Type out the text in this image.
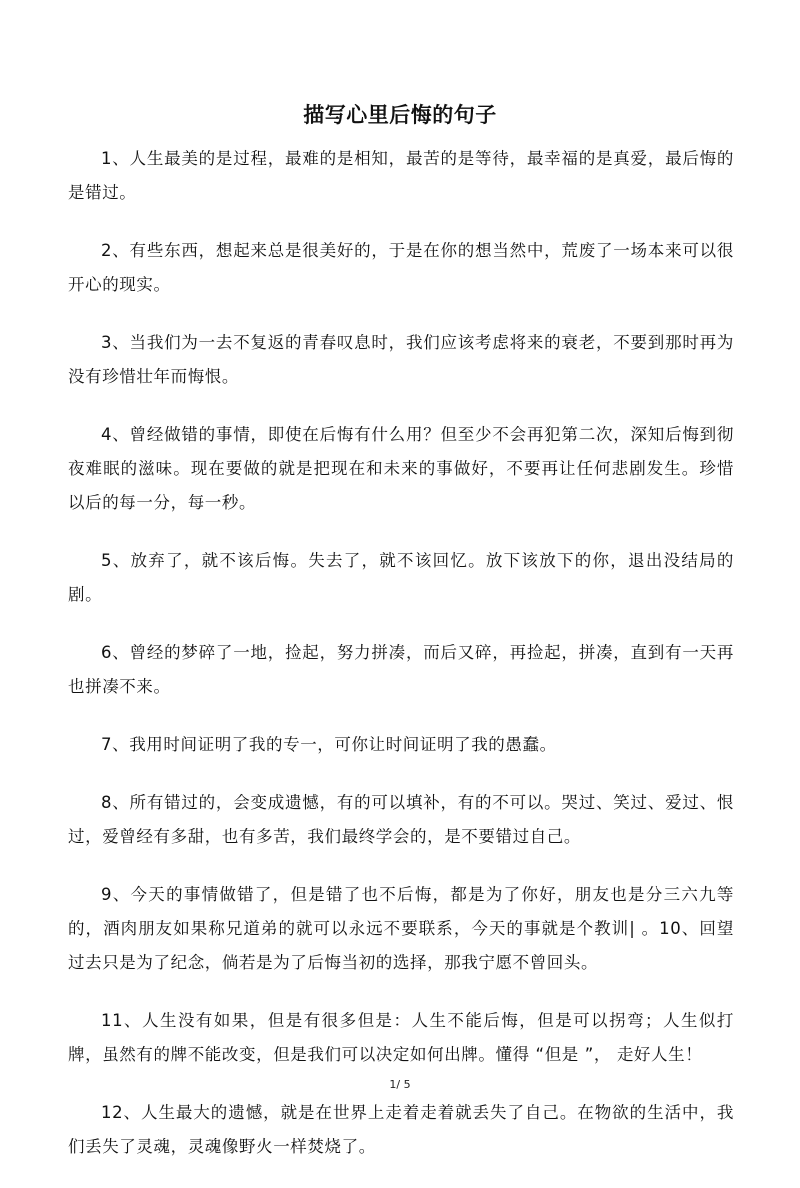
描写心里后悔的句子

1、人生最美的是过程，最难的是相知，最苦的是等待，最幸福的是真爱，最后悔的是错过。

2、有些东西，想起来总是很美好的，于是在你的想当然中，荒废了一场本来可以很开心的现实。

3、当我们为一去不复返的青春叹息时，我们应该考虑将来的衰老，不要到那时再为没有珍惜壮年而悔恨。

4、曾经做错的事情，即使在后悔有什么用？但至少不会再犯第二次，深知后悔到彻夜难眠的滋味。现在要做的就是把现在和未来的事做好，不要再让任何悲剧发生。珍惜以后的每一分，每一秒。

5、放弃了，就不该后悔。失去了，就不该回忆。放下该放下的你，退出没结局的剧。

6、曾经的梦碎了一地，捡起，努力拼凑，而后又碎，再捡起，拼凑，直到有一天再也拼凑不来。

7、我用时间证明了我的专一，可你让时间证明了我的愚蠢。

8、所有错过的，会变成遗憾，有的可以填补，有的不可以。哭过、笑过、爱过、恨过，爱曾经有多甜，也有多苦，我们最终学会的，是不要错过自己。

9、今天的事情做错了，但是错了也不后悔，都是为了你好，朋友也是分三六九等的，酒肉朋友如果称兄道弟的就可以永远不要联系，今天的事就是个教训| 。10、回望过去只是为了纪念，倘若是为了后悔当初的选择，那我宁愿不曾回头。

11、人生没有如果，但是有很多但是：人生不能后悔，但是可以拐弯；人生似打牌，虽然有的牌不能改变，但是我们可以决定如何出牌。懂得 “但是 ”， 走好人生！

12、人生最大的遗憾，就是在世界上走着走着就丢失了自己。在物欲的生活中，我们丢失了灵魂，灵魂像野火一样焚烧了。

1/ 5
